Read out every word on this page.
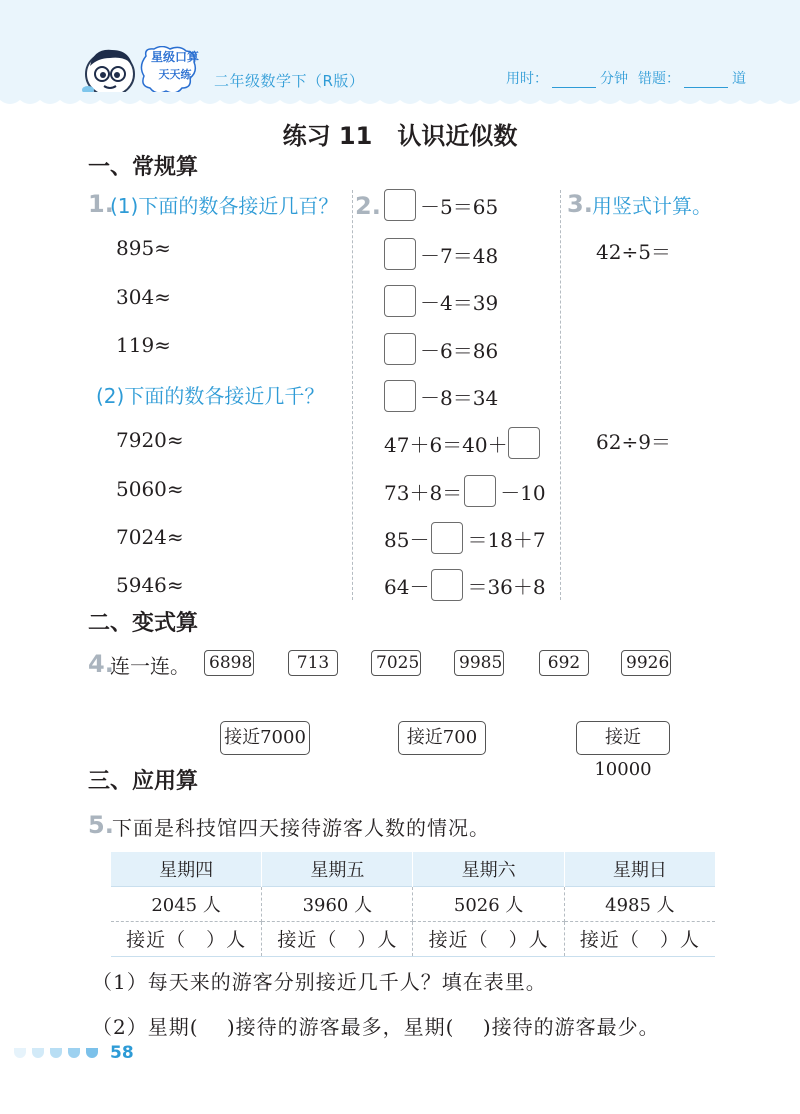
星级口算
天天练	二年级数学下（R版）	用时：	分钟 错题：	道
练习 11   认识近似数
一、常规算
1.
(1)下面的数各接近几百？
895≈
304≈
119≈
(2)下面的数各接近几千？
7920≈
5060≈
7024≈
5946≈
2. －5＝65
－7＝48
－4＝39
－6＝86
－8＝34
47＋6＝40＋
73＋8＝ －10
85－ ＝18＋7
64－ ＝36＋8
3. 用竖式计算。
42÷5＝
62÷9＝
二、变式算
4.
连一连。 6898	713	7025 9985	692	9926
接近7000	接近700	接近10000
三、应用算
5.
下面是科技馆四天接待游客人数的情况。
星期四	星期五	星期六	星期日
2045 人	3960 人	5026 人	4985 人
接近（　）人	接近（　）人	接近（　）人	接近（　）人
（1）每天来的游客分别接近几千人？填在表里。
（2）星期(　 )接待的游客最多，星期(　 )接待的游客最少。
58
